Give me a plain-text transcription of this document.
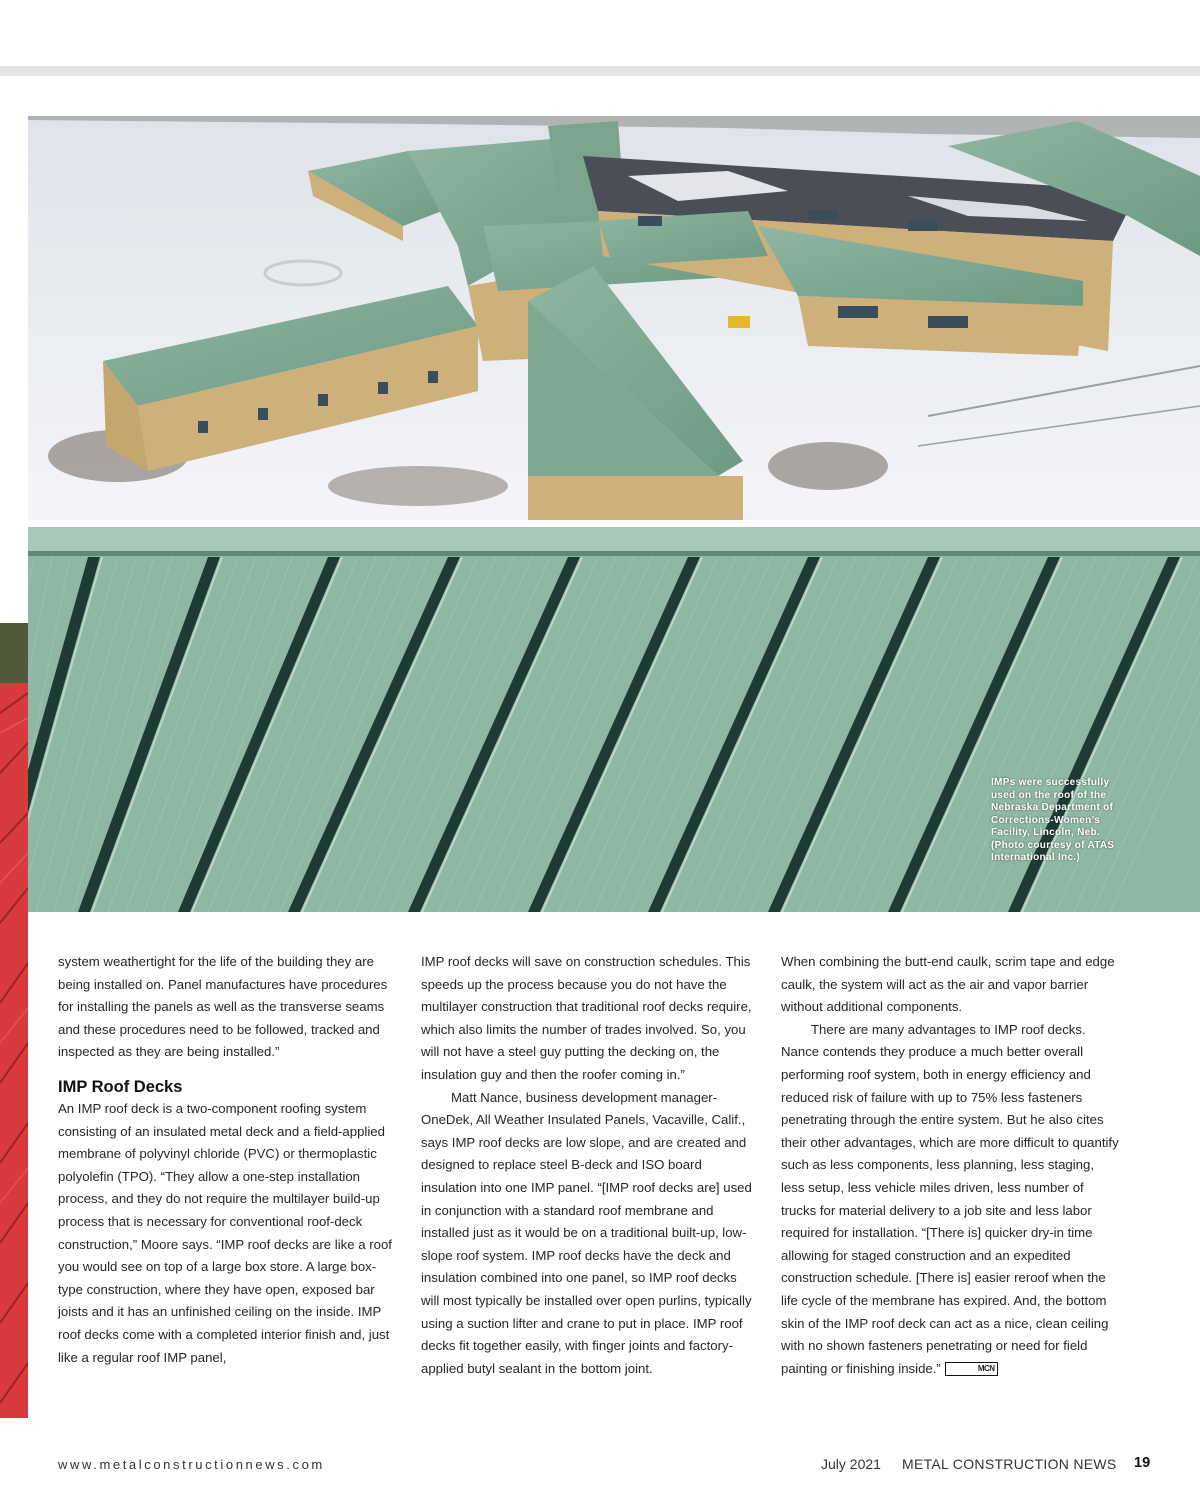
IMPs were successfully used on the roof of the Nebraska Department of Corrections-Women’s Facility, Lincoln, Neb. (Photo courtesy of ATAS International Inc.)

system weathertight for the life of the building they are being installed on. Panel manufactures have procedures for installing the panels as well as the transverse seams and these procedures need to be followed, tracked and inspected as they are being installed.”

IMP Roof Decks

An IMP roof deck is a two-component roofing system consisting of an insulated metal deck and a field-applied membrane of polyvinyl chloride (PVC) or thermoplastic polyolefin (TPO). “They allow a one-step installation process, and they do not require the multilayer build-up process that is necessary for conventional roof-deck construction,” Moore says. “IMP roof decks are like a roof you would see on top of a large box store. A large box-type construction, where they have open, exposed bar joists and it has an unfinished ceiling on the inside. IMP roof decks come with a completed interior finish and, just like a regular roof IMP panel,

IMP roof decks will save on construction schedules. This speeds up the process because you do not have the multilayer construction that traditional roof decks require, which also limits the number of trades involved. So, you will not have a steel guy putting the decking on, the insulation guy and then the roofer coming in.”

Matt Nance, business development manager-OneDek, All Weather Insulated Panels, Vacaville, Calif., says IMP roof decks are low slope, and are created and designed to replace steel B-deck and ISO board insulation into one IMP panel. “[IMP roof decks are] used in conjunction with a standard roof membrane and installed just as it would be on a traditional built-up, low-slope roof system. IMP roof decks have the deck and insulation combined into one panel, so IMP roof decks will most typically be installed over open purlins, typically using a suction lifter and crane to put in place. IMP roof decks fit together easily, with finger joints and factory-applied butyl sealant in the bottom joint.

When combining the butt-end caulk, scrim tape and edge caulk, the system will act as the air and vapor barrier without additional components.

There are many advantages to IMP roof decks. Nance contends they produce a much better overall performing roof system, both in energy efficiency and reduced risk of failure with up to 75% less fasteners penetrating through the entire system. But he also cites their other advantages, which are more difficult to quantify such as less components, less planning, less staging, less setup, less vehicle miles driven, less number of trucks for material delivery to a job site and less labor required for installation. “[There is] quicker dry-in time allowing for staged construction and an expedited construction schedule. [There is] easier reroof when the life cycle of the membrane has expired. And, the bottom skin of the IMP roof deck can act as a nice, clean ceiling with no shown fasteners penetrating or need for field painting or finishing inside.”	MCN

www.metalconstructionnews.com	July 2021 METAL CONSTRUCTION NEWS 19
